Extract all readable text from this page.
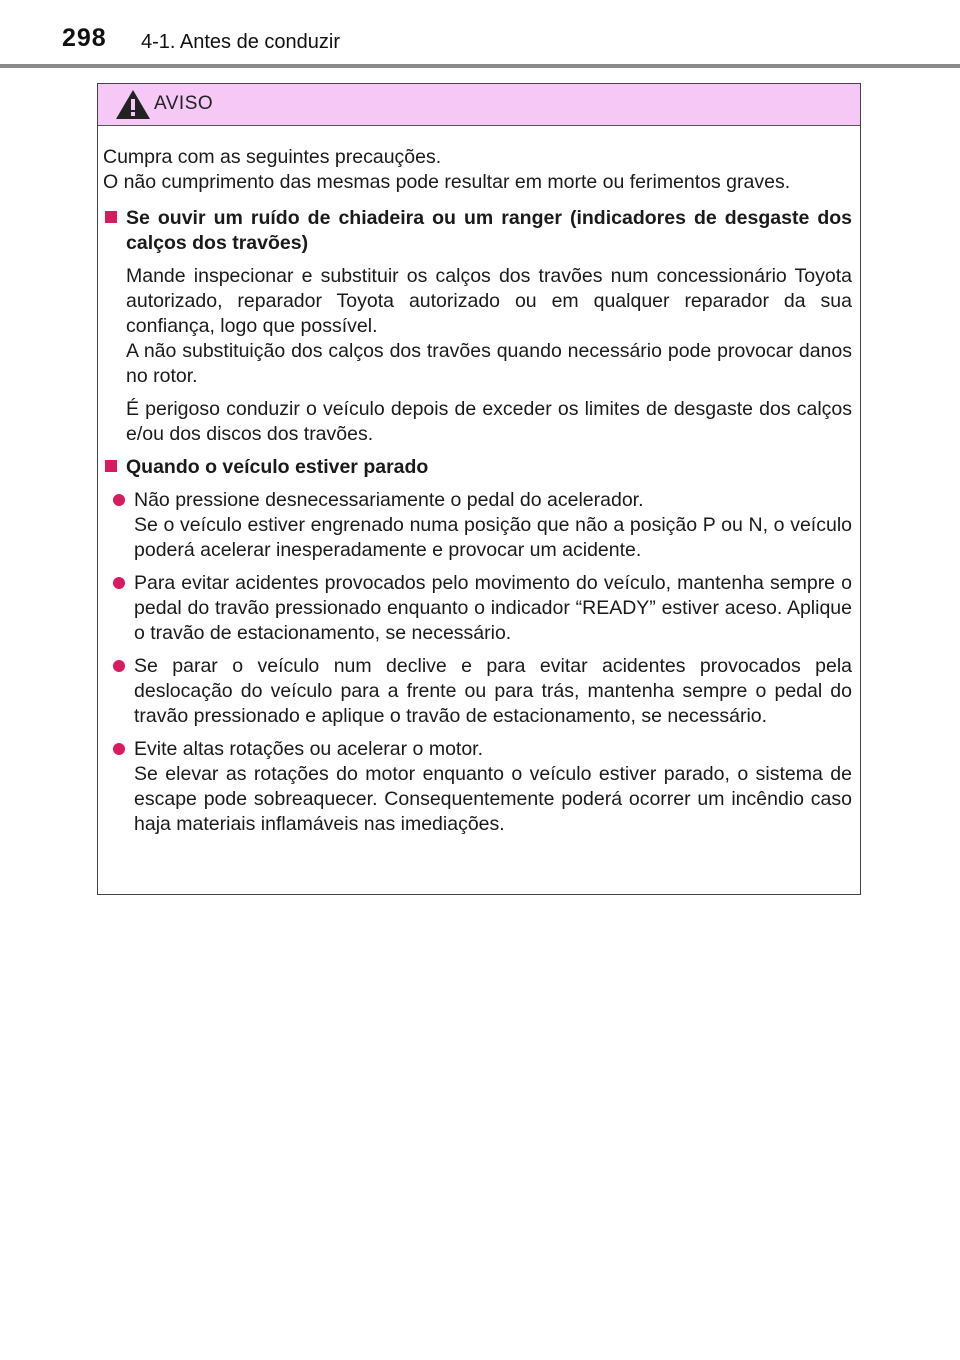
298 4-1. Antes de conduzir
AVISO

Cumpra com as seguintes precauções.
O não cumprimento das mesmas pode resultar em morte ou ferimentos graves.

Se ouvir um ruído de chiadeira ou um ranger (indicadores de desgaste dos calços dos travões)

Mande inspecionar e substituir os calços dos travões num concessionário Toyota autorizado, reparador Toyota autorizado ou em qualquer reparador da sua confiança, logo que possível.
A não substituição dos calços dos travões quando necessário pode provocar danos no rotor.

É perigoso conduzir o veículo depois de exceder os limites de desgaste dos calços e/ou dos discos dos travões.

Quando o veículo estiver parado

Não pressione desnecessariamente o pedal do acelerador.
Se o veículo estiver engrenado numa posição que não a posição P ou N, o veículo poderá acelerar inesperadamente e provocar um acidente.

Para evitar acidentes provocados pelo movimento do veículo, mantenha sempre o pedal do travão pressionado enquanto o indicador “READY” estiver aceso. Aplique o travão de estacionamento, se necessário.

Se parar o veículo num declive e para evitar acidentes provocados pela deslocação do veículo para a frente ou para trás, mantenha sempre o pedal do travão pressionado e aplique o travão de estacionamento, se necessário.

Evite altas rotações ou acelerar o motor.
Se elevar as rotações do motor enquanto o veículo estiver parado, o sistema de escape pode sobreaquecer. Consequentemente poderá ocorrer um incêndio caso haja materiais inflamáveis nas imediações.
